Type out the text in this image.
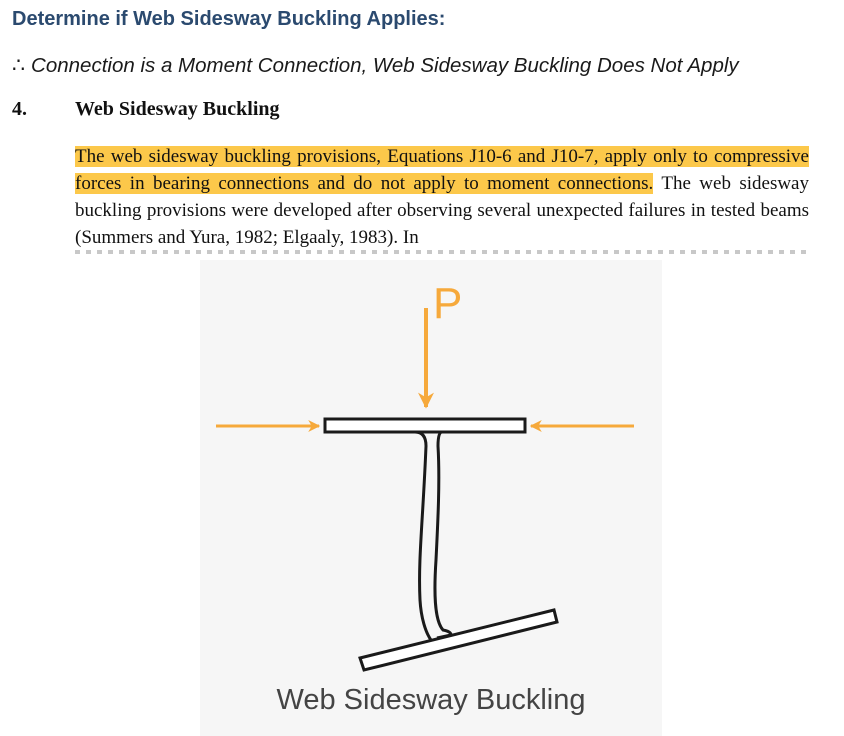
Determine if Web Sidesway Buckling Applies:
∴ Connection is a Moment Connection, Web Sidesway Buckling Does Not Apply
4. Web Sidesway Buckling

The web sidesway buckling provisions, Equations J10-6 and J10-7, apply only to compressive forces in bearing connections and do not apply to moment connections. The web sidesway buckling provisions were developed after observing several unexpected failures in tested beams (Summers and Yura, 1982; Elgaaly, 1983). In

P
Web Sidesway Buckling
